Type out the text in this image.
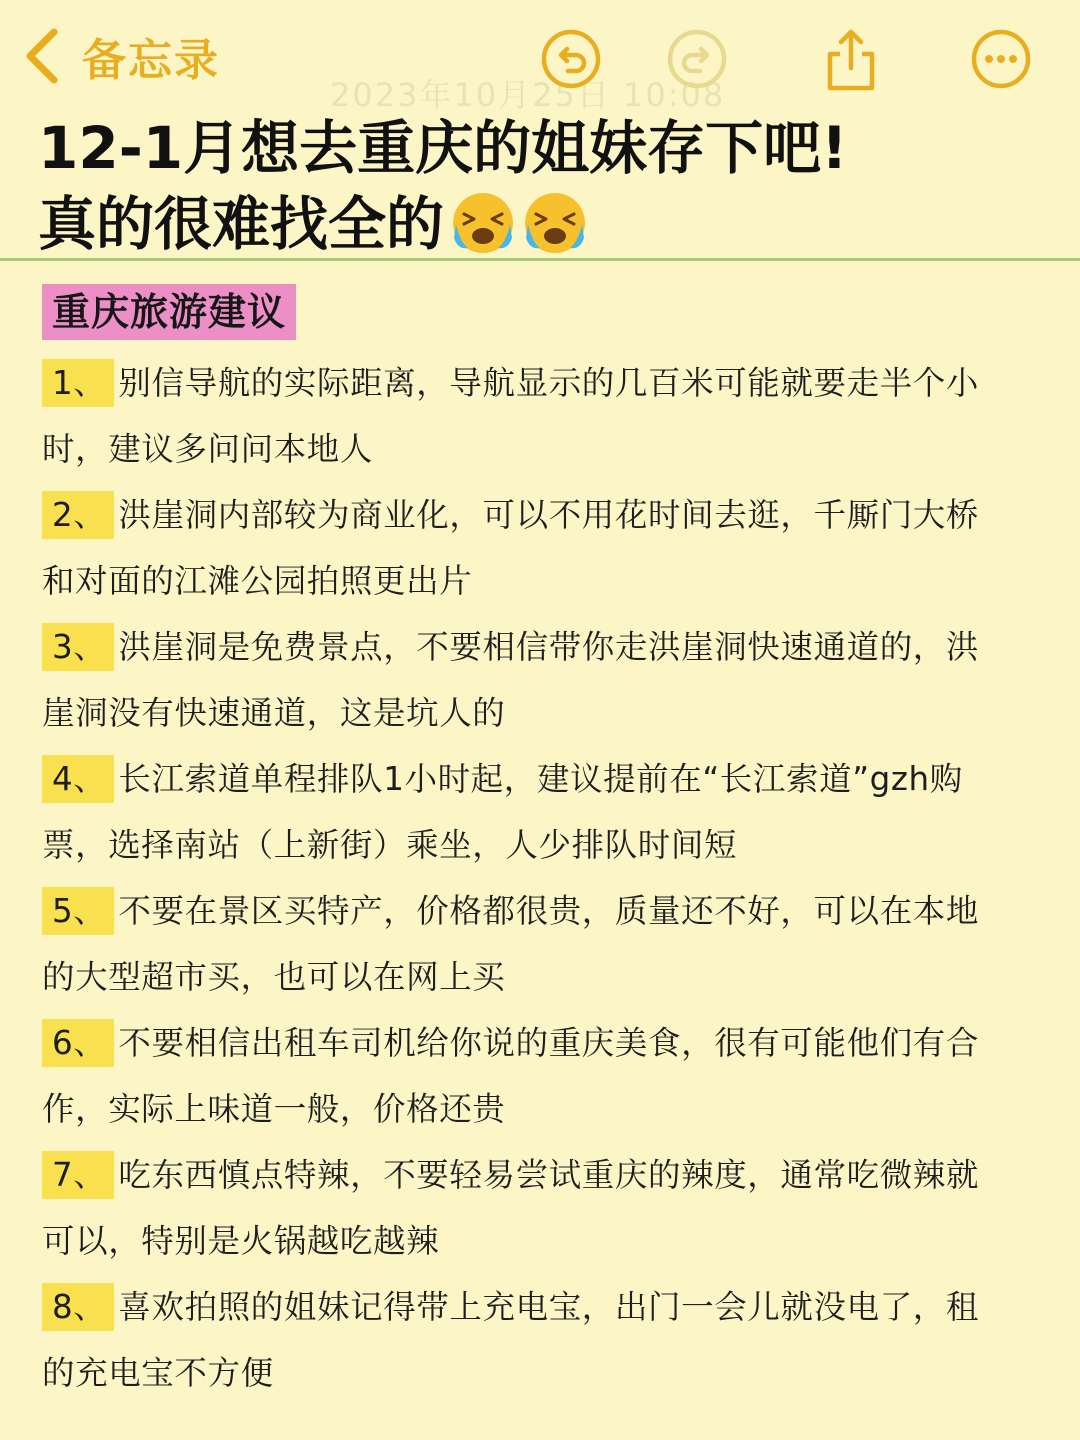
备忘录
2023年10月25日 10:08
12-1月想去重庆的姐妹存下吧!
真的很难找全的
重庆旅游建议
1、 别信导航的实际距离，导航显示的几百米可能就要走半个小
时，建议多问问本地人
2、 洪崖洞内部较为商业化，可以不用花时间去逛，千厮门大桥
和对面的江滩公园拍照更出片
3、 洪崖洞是免费景点，不要相信带你走洪崖洞快速通道的，洪
崖洞没有快速通道，这是坑人的
4、 长江索道单程排队1小时起，建议提前在“长江索道”gzh购
票，选择南站（上新街）乘坐，人少排队时间短
5、 不要在景区买特产，价格都很贵，质量还不好，可以在本地
的大型超市买，也可以在网上买
6、 不要相信出租车司机给你说的重庆美食，很有可能他们有合
作，实际上味道一般，价格还贵
7、 吃东西慎点特辣，不要轻易尝试重庆的辣度，通常吃微辣就
可以，特别是火锅越吃越辣
8、 喜欢拍照的姐妹记得带上充电宝，出门一会儿就没电了，租
的充电宝不方便
